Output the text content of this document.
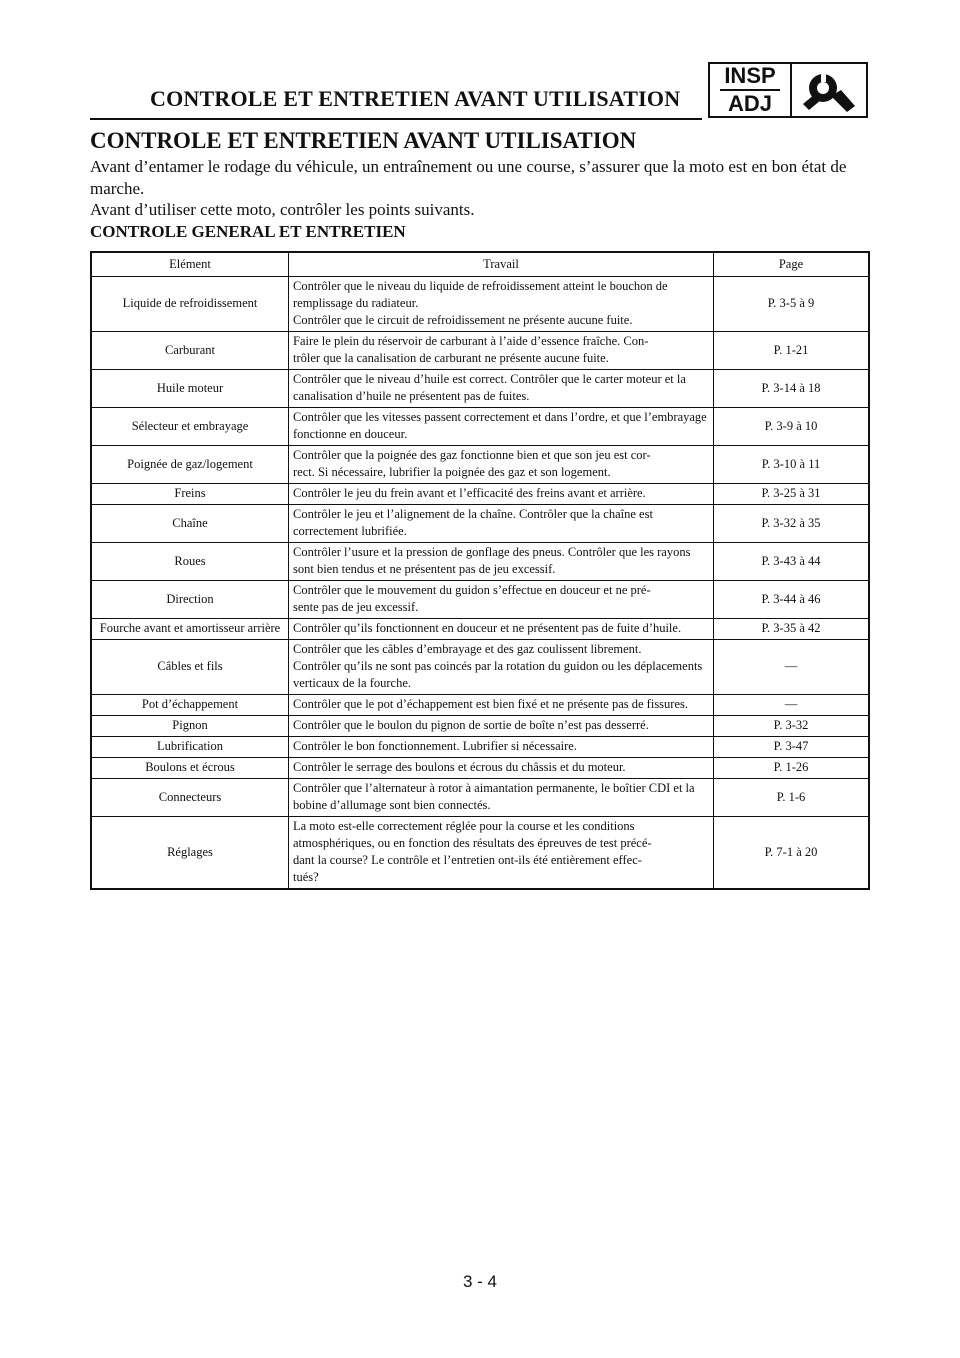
CONTROLE ET ENTRETIEN AVANT UTILISATION
INSP
ADJ
CONTROLE ET ENTRETIEN AVANT UTILISATION

Avant d’entamer le rodage du véhicule, un entraînement ou une course, s’assurer que la moto est en bon état de marche.

Avant d’utiliser cette moto, contrôler les points suivants.

CONTROLE GENERAL ET ENTRETIEN

Elément	Travail	Page
Liquide de refroidissement	Contrôler que le niveau du liquide de refroidissement atteint le bouchon de remplissage du radiateur.
Contrôler que le circuit de refroidissement ne présente aucune fuite.	P. 3-5 à 9
Carburant	Faire le plein du réservoir de carburant à l’aide d’essence fraîche. Con-
trôler que la canalisation de carburant ne présente aucune fuite.	P. 1-21
Huile moteur	Contrôler que le niveau d’huile est correct. Contrôler que le carter moteur et la canalisation d’huile ne présentent pas de fuites.	P. 3-14 à 18
Sélecteur et embrayage	Contrôler que les vitesses passent correctement et dans l’ordre, et que l’embrayage fonctionne en douceur.	P. 3-9 à 10
Poignée de gaz/logement	Contrôler que la poignée des gaz fonctionne bien et que son jeu est cor-
rect. Si nécessaire, lubrifier la poignée des gaz et son logement.	P. 3-10 à 11
Freins	Contrôler le jeu du frein avant et l’efficacité des freins avant et arrière.	P. 3-25 à 31
Chaîne	Contrôler le jeu et l’alignement de la chaîne. Contrôler que la chaîne est correctement lubrifiée.	P. 3-32 à 35
Roues	Contrôler l’usure et la pression de gonflage des pneus. Contrôler que les rayons sont bien tendus et ne présentent pas de jeu excessif.	P. 3-43 à 44
Direction	Contrôler que le mouvement du guidon s’effectue en douceur et ne pré-
sente pas de jeu excessif.	P. 3-44 à 46
Fourche avant et amortisseur arrière	Contrôler qu’ils fonctionnent en douceur et ne présentent pas de fuite d’huile.	P. 3-35 à 42
Câbles et fils	Contrôler que les câbles d’embrayage et des gaz coulissent librement.
Contrôler qu’ils ne sont pas coincés par la rotation du guidon ou les déplacements verticaux de la fourche.	—
Pot d’échappement	Contrôler que le pot d’échappement est bien fixé et ne présente pas de fissures.	—
Pignon	Contrôler que le boulon du pignon de sortie de boîte n’est pas desserré.	P. 3-32
Lubrification	Contrôler le bon fonctionnement. Lubrifier si nécessaire.	P. 3-47
Boulons et écrous	Contrôler le serrage des boulons et écrous du châssis et du moteur.	P. 1-26
Connecteurs	Contrôler que l’alternateur à rotor à aimantation permanente, le boîtier CDI et la bobine d’allumage sont bien connectés.	P. 1-6
Réglages	La moto est-elle correctement réglée pour la course et les conditions atmosphériques, ou en fonction des résultats des épreuves de test précé-
dant la course? Le contrôle et l’entretien ont-ils été entièrement effec-
tués?	P. 7-1 à 20
3 - 4
